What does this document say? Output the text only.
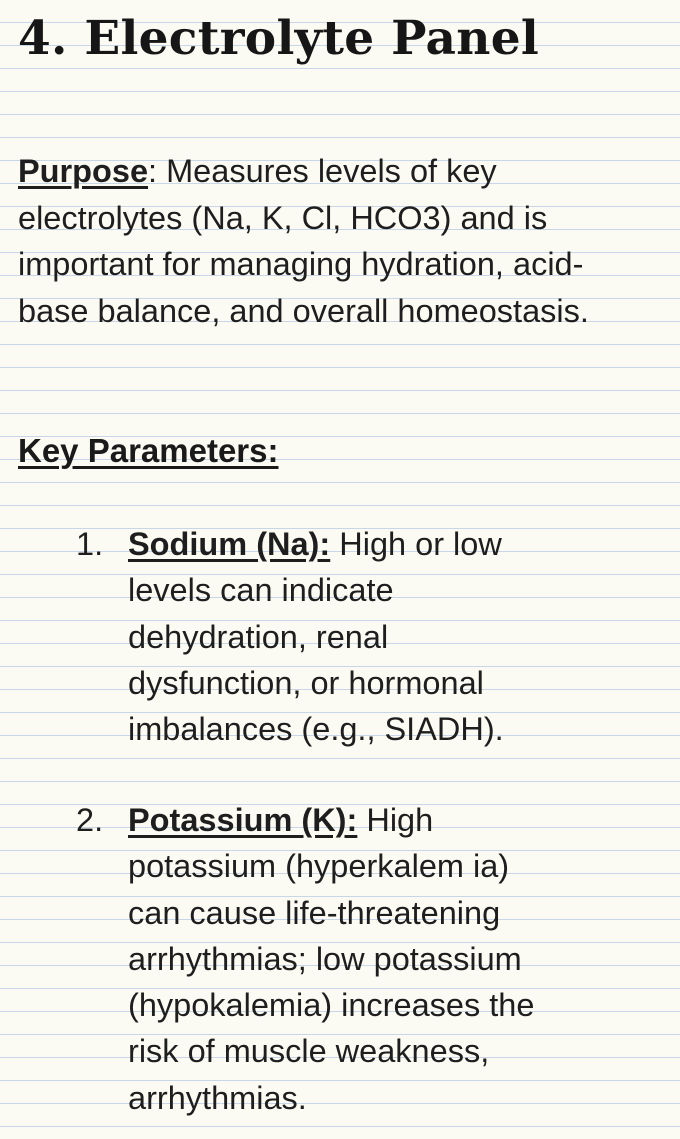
4. Electrolyte Panel

Purpose: Measures levels of key electrolytes (Na, K, Cl, HCO3) and is important for managing hydration, acid-base balance, and overall homeostasis.

Key Parameters:
1. Sodium (Na): High or low levels can indicate dehydration, renal dysfunction, or hormonal imbalances (e.g., SIADH).
2. Potassium (K): High potassium (hyperkalem ia) can cause life-threatening arrhythmias; low potassium (hypokalemia) increases the risk of muscle weakness, arrhythmias.
